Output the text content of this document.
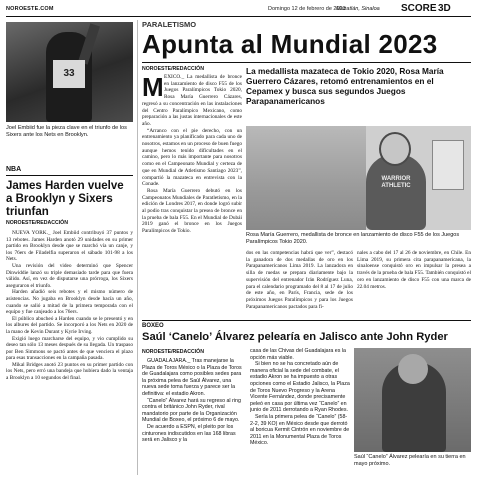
NOROESTE.COM	Domingo 12 de febrero de 2023
Mazatlán, Sinaloa SCORE 3D
33
Joel Embiid fue la pieza clave en el triunfo de los Sixers ante los Nets en Brooklyn.
NBA
James Harden vuelve a Brooklyn y Sixers triunfan
NOROESTE/REDACCIÓN

NUEVA YORK._ Joel Embiid contribuyó 37 puntos y 13 rebotes. James Harden anotó 29 unidades en su primer partido en Brooklyn desde que se marchó vía un canje, y los 76ers de Filadelfia superaron el sábado 101-98 a los Nets.

Una revisión del video determinó que Spencer Dinwiddie lanzó su triple demasiado tarde para que fuera válido. Así, en vez de disputarse una prórroga, los Sixers aseguraron el triunfo.

Harden añadió seis rebotes y el mismo número de asistencias. No jugaba en Brooklyn desde hacía un año, cuando se salió a mitad de la primera temporada con el equipo y fue canjeado a los 76ers.

El público abucheó a Harden cuando se le presentó y en los albures del partido. Se incorporó a los Nets en 2020 de la mano de Kevin Durant y Kyrie Irving.

Exigió luego marcharse del equipo, y vio cumplido su deseo tan sólo 13 meses después de su llegada. Un traspaso por Ben Simmons se pactó antes de que venciera el plazo para esas transacciones en la campaña pasada.

Mikal Bridges anotó 23 puntos en su primer partido con los Nets, pero erró una bandeja que hubiera dado la ventaja a Brooklyn a 10 segundos del final.

PARALETISMO
Apunta al Mundial 2023
NOROESTE/REDACCIÓN
M ÉXICO._ La medallista de bronce en lanzamiento de disco F55 de los Juegos Paralímpicos Tokio 2020, Rosa María Guerrero Cázares, regresó a su concentración en las instalaciones del Centro Paralímpico Mexicano, como preparación a las justas internacionales de este año.

“Arranco con el pie derecho, con un entrenamiento ya planificado para cada uno de nosotros, estamos en un proceso de buen fuego aunque hemos tenido dificultades en el camino, pero lo más importante para nosotros como en el Campeonato Mundial y certeza de que en Mundial de Atletismo Santiago 2023”, compartió la mazateca en entrevista con la Conade.

Rosa María Guerrero debutó en los Campeonatos Mundiales de Paratletismo, en la edición de Londres 2017, en donde logró subir al podio tras conquistar la presea de bronce en la prueba de bala F55. En el Mundial de Dubái 2019 ganó el bronce en los Juegos Paralímpicos de Tokio.

La medallista mazateca de Tokio 2020, Rosa María Guerrero Cázares, retomó entrenamientos en el Cepamex y busca sus segundos Juegos Parapanamericanos
WARRIOR ATHLETIC
Rosa María Guerrero, medallista de bronce en lanzamiento de disco F55 de los Juegos Paralímpicos Tokio 2020.
dos en las competencias habrá que ver”, destacó la ganadora de dos medallas de oro en los Parapanamericanos Lima 2019. La lanzadora en silla de ruedas se prepara diariamente bajo la supervisión del entrenador Irán Rodríguez Luna, para el calendario programado del 8 al 17 de julio de este año, en París, Francia, sede de los próximos Juegos Paralímpicos y para los Juegos Parapanamericanos pactados para fi-
nales a cabo del 17 al 26 de noviembre, en Chile. En Lima 2019, su primera cita parapanamericana, la sinaloense conquistó oro en impulsar la presea a través de la prueba de bala F55. También conquistó el oro en lanzamiento de disco F55 con una marca de 22.04 metros.
BOXEO
Saúl ‘Canelo’ Álvarez pelearía en Jalisco ante John Ryder
NOROESTE/REDACCIÓN

GUADALAJARA._ Tras manejarse la Plaza de Toros México o la Plaza de Toros de Guadalajara como posibles sedes para la próxima pelea de Saúl Álvarez, una nueva sede toma fuerza y parece ser la definitiva: el estadio Akron.

“Canelo” Álvarez hará su regreso al ring contra el británico John Ryder, rival mandatorio por parte de la Organización Mundial de Boxeo, el próximo 6 de mayo.

De acuerdo a ESPN, el pleito por los cinturones indiscutidos en las 168 libras será en Jalisco y la

casa de las Chivas del Guadalajara es la opción más viable.

Si bien no se ha concretado aún de manera oficial la sede del combate, el estadio Akron se ha impuesto a otras opciones como el Estadio Jalisco, la Plaza de Toros Nuevo Progreso y la Arena Vicente Fernández, donde precisamente peleó en casa por última vez “Canelo” en junio de 2011 derrotando a Ryan Rhodes.

Sería la primera pelea de “Canelo” (58-2-2, 39 KO) en México desde que derrotó al boricua Kermit Cintrón en noviembre de 2011 en la Monumental Plaza de Toros México.

Saúl “Canelo” Álvarez pelearía en su tierra en mayo próximo.
